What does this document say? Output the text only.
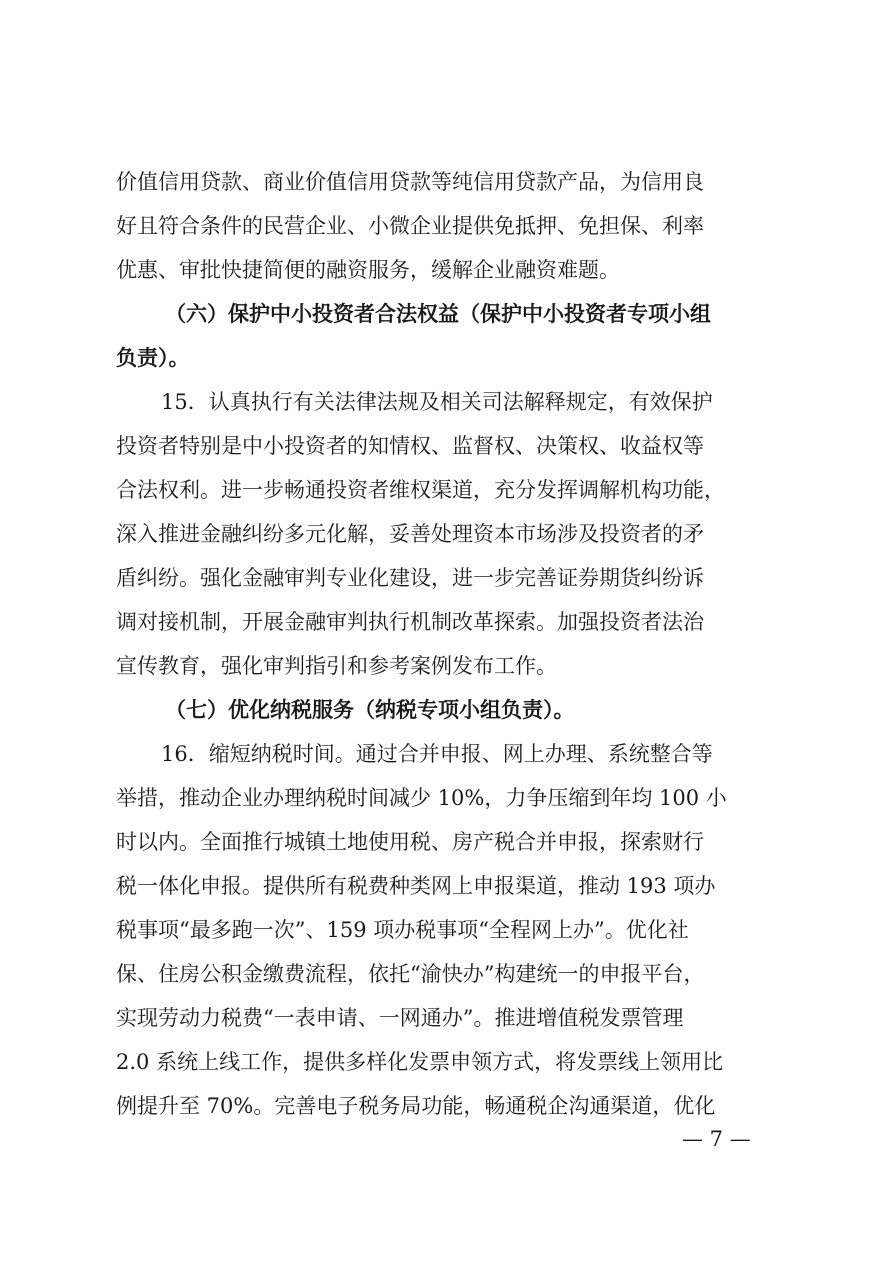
价值信用贷款、商业价值信用贷款等纯信用贷款产品，为信用良
好且符合条件的民营企业、小微企业提供免抵押、免担保、利率
优惠、审批快捷简便的融资服务，缓解企业融资难题。
（六）保护中小投资者合法权益（保护中小投资者专项小组
负责）。
15．认真执行有关法律法规及相关司法解释规定，有效保护
投资者特别是中小投资者的知情权、监督权、决策权、收益权等
合法权利。进一步畅通投资者维权渠道，充分发挥调解机构功能，
深入推进金融纠纷多元化解，妥善处理资本市场涉及投资者的矛
盾纠纷。强化金融审判专业化建设，进一步完善证券期货纠纷诉
调对接机制，开展金融审判执行机制改革探索。加强投资者法治
宣传教育，强化审判指引和参考案例发布工作。
（七）优化纳税服务（纳税专项小组负责）。
16．缩短纳税时间。通过合并申报、网上办理、系统整合等
举措，推动企业办理纳税时间减少 10%，力争压缩到年均 100 小
时以内。全面推行城镇土地使用税、房产税合并申报，探索财行
税一体化申报。提供所有税费种类网上申报渠道，推动 193 项办
税事项“最多跑一次”、159 项办税事项“全程网上办”。优化社
保、住房公积金缴费流程，依托“渝快办”构建统一的申报平台，
实现劳动力税费“一表申请、一网通办”。推进增值税发票管理
2.0 系统上线工作，提供多样化发票申领方式，将发票线上领用比
例提升至 70%。完善电子税务局功能，畅通税企沟通渠道，优化
— 7 —
